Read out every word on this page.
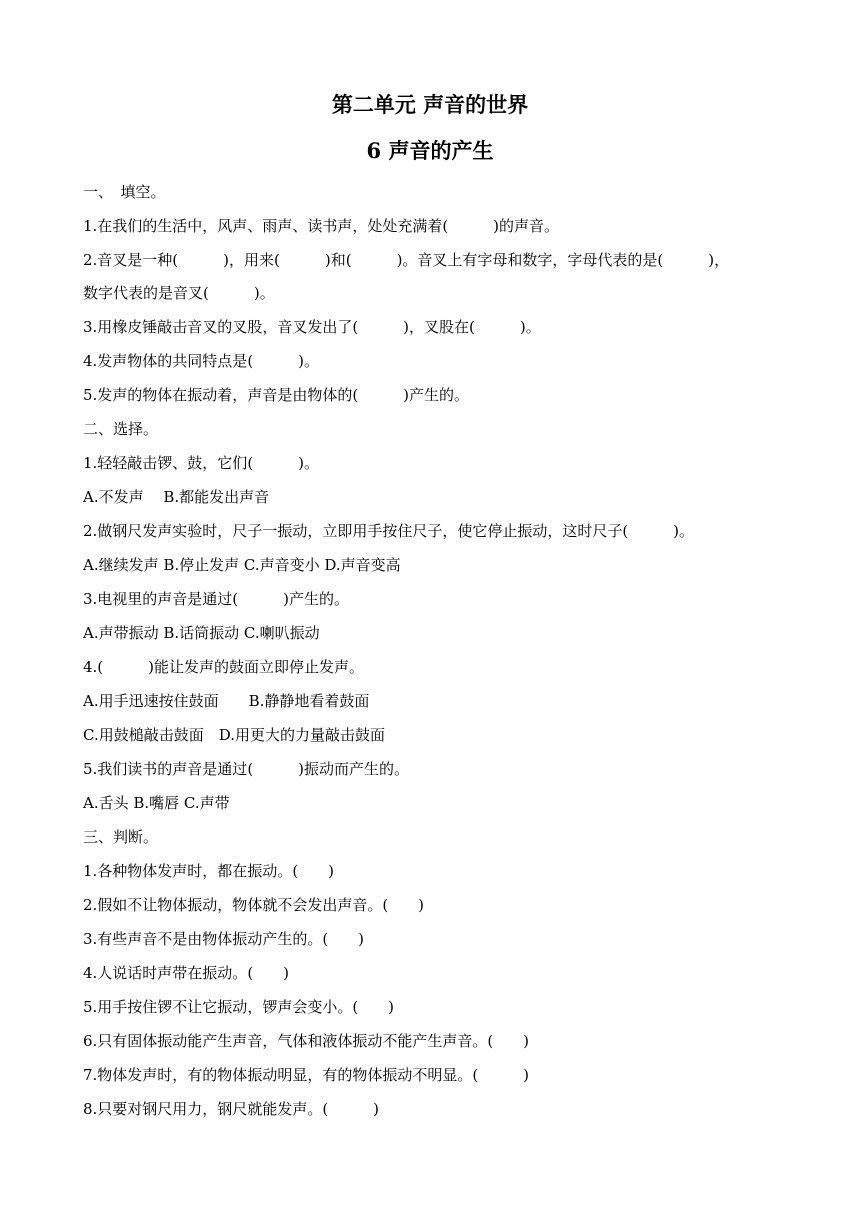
第二单元 声音的世界
6 声音的产生
一、　填空。
1.在我们的生活中，风声、雨声、读书声，处处充满着(　　　)的声音。
2.音叉是一种(　　　)，用来(　　　)和(　　　)。音叉上有字母和数字，字母代表的是(　　　)，
数字代表的是音叉(　　　)。
3.用橡皮锤敲击音叉的叉股，音叉发出了(　　　)，叉股在(　　　)。
4.发声物体的共同特点是(　　　)。
5.发声的物体在振动着，声音是由物体的(　　　)产生的。
二、选择。
1.轻轻敲击锣、鼓，它们(　　　)。
A.不发声　 B.都能发出声音
2.做钢尺发声实验时，尺子一振动，立即用手按住尺子，使它停止振动，这时尺子(　　　)。
A.继续发声 B.停止发声 C.声音变小 D.声音变高
3.电视里的声音是通过(　　　)产生的。
A.声带振动 B.话筒振动 C.喇叭振动
4.(　　　)能让发声的鼓面立即停止发声。
A.用手迅速按住鼓面　　B.静静地看着鼓面
C.用鼓槌敲击鼓面　D.用更大的力量敲击鼓面
5.我们读书的声音是通过(　　　)振动而产生的。
A.舌头 B.嘴唇 C.声带
三、判断。
1.各种物体发声时，都在振动。(　　)
2.假如不让物体振动，物体就不会发出声音。(　　)
3.有些声音不是由物体振动产生的。(　　)
4.人说话时声带在振动。(　　)
5.用手按住锣不让它振动，锣声会变小。(　　)
6.只有固体振动能产生声音，气体和液体振动不能产生声音。(　　)
7.物体发声时，有的物体振动明显，有的物体振动不明显。(　　　)
8.只要对钢尺用力，钢尺就能发声。(　　　)
